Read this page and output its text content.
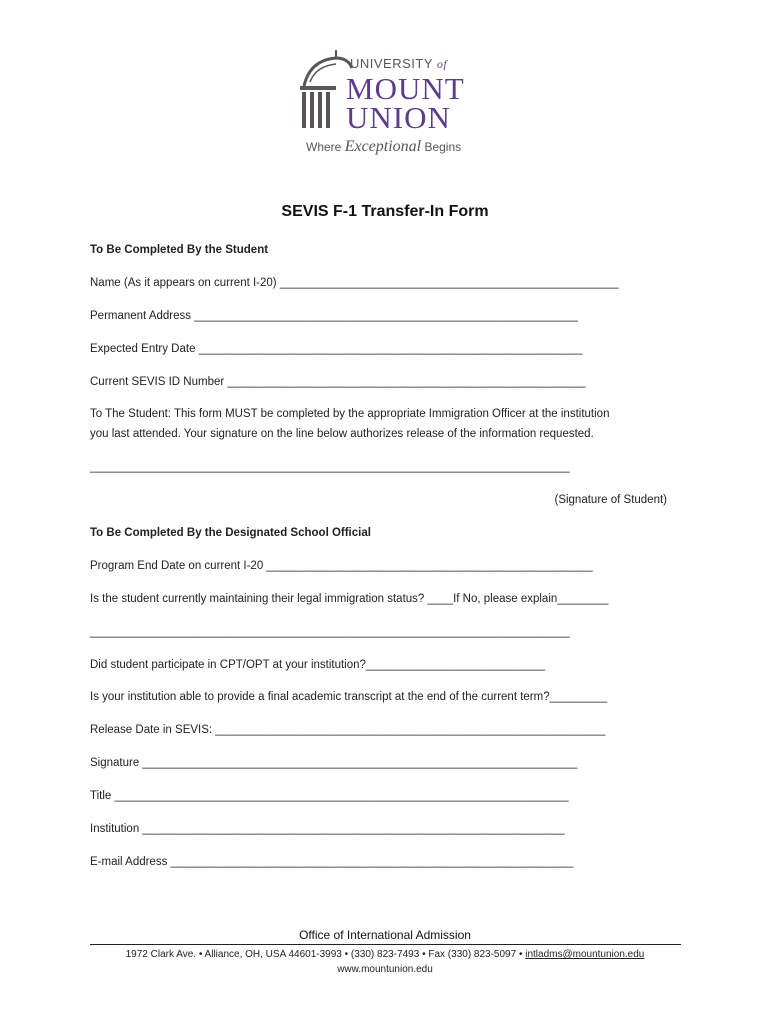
UNIVERSITY of
MOUNT
UNION
Where Exceptional Begins
SEVIS F-1 Transfer-In Form
To Be Completed By the Student
Name (As it appears on current I-20) _____________________________________________________
Permanent Address ____________________________________________________________
Expected Entry Date ____________________________________________________________
Current SEVIS ID Number ________________________________________________________
To The Student: This form MUST be completed by the appropriate Immigration Officer at the institution
you last attended. Your signature on the line below authorizes release of the information requested.
___________________________________________________________________________
(Signature of Student)
To Be Completed By the Designated School Official
Program End Date on current I-20 ___________________________________________________
Is the student currently maintaining their legal immigration status? ____If No, please explain________
___________________________________________________________________________
Did student participate in CPT/OPT at your institution?____________________________
Is your institution able to provide a final academic transcript at the end of the current term?_________
Release Date in SEVIS: _____________________________________________________________
Signature ____________________________________________________________________
Title _______________________________________________________________________
Institution __________________________________________________________________
E-mail Address _______________________________________________________________
Office of International Admission
1972 Clark Ave. • Alliance, OH, USA 44601-3993 • (330) 823-7493 • Fax (330) 823-5097 • intladms@mountunion.edu
www.mountunion.edu
